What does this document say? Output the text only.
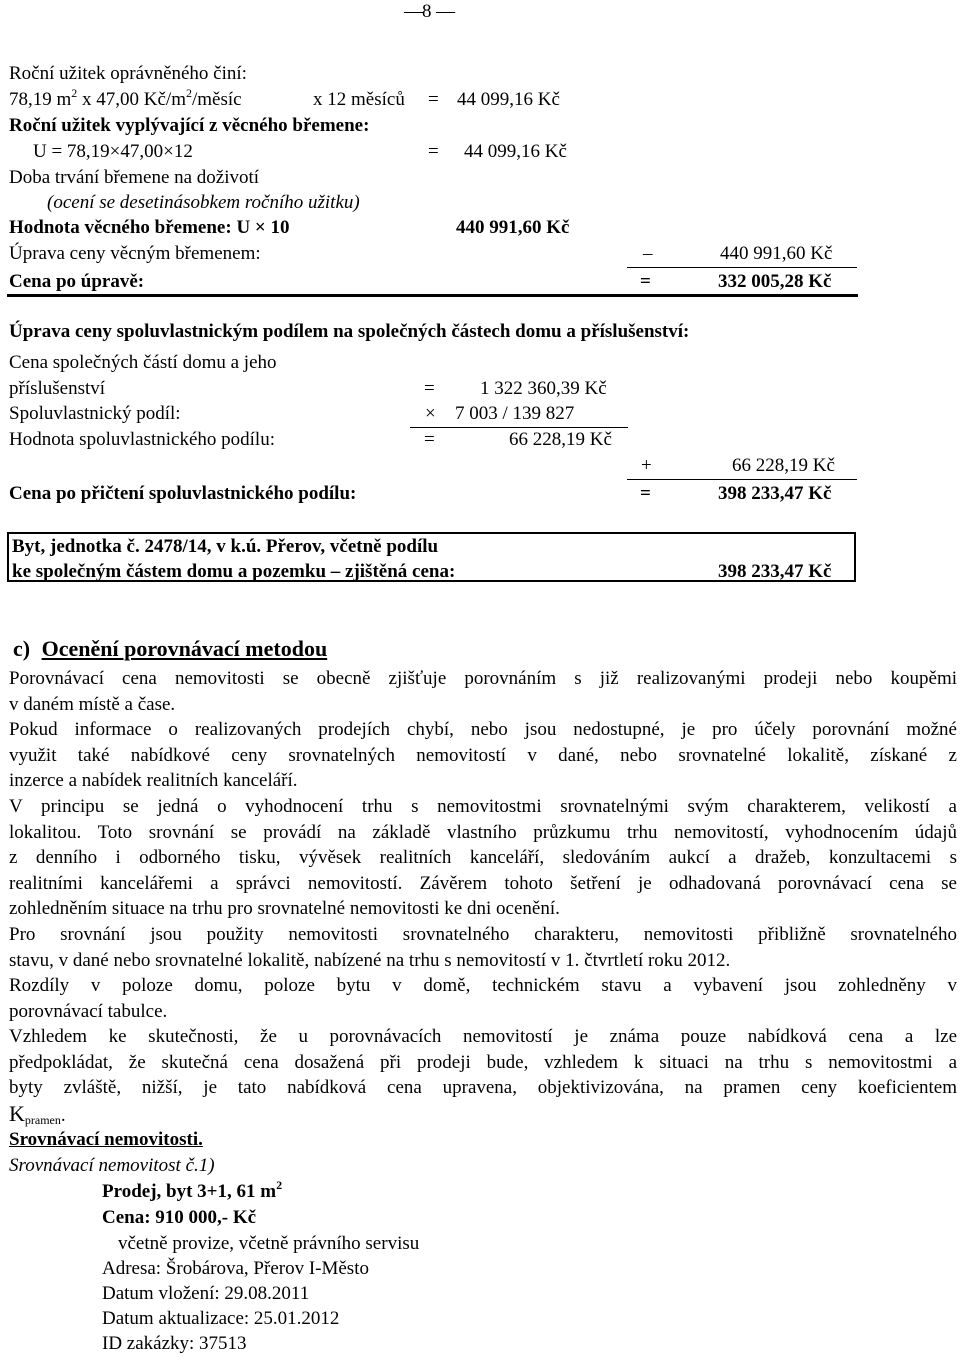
— 8 —
Roční užitek oprávněného činí:
78,19 $m^2$ x 47,00 $Kč/m^2$/měsíc	x 12 měsíců = 44 099,16 Kč
Roční užitek vyplývající z věcného břemene:
U = 78,19×47,00×12	= 44 099,16 Kč
Doba trvání břemene na doživotí
(ocení se desetinásobkem ročního užitku)
Hodnota věcného břemene: U × 10	440 991,60 Kč
Úprava ceny věcným břemenem:	–	440 991,60 Kč
Cena po úpravě:	=	332 005,28 Kč
Úprava ceny spoluvlastnickým podílem na společných částech domu a příslušenství:
Cena společných částí domu a jeho
příslušenství	= 1 322 360,39 Kč
Spoluvlastnický podíl:	× 7 003 / 139 827
Hodnota spoluvlastnického podílu:	=	66 228,19 Kč
+	66 228,19 Kč
Cena po přičtení spoluvlastnického podílu:	=	398 233,47 Kč
Byt, jednotka č. 2478/14, v k.ú. Přerov, včetně podílu
ke společným částem domu a pozemku – zjištěná cena:	398 233,47 Kč
c) Ocenění porovnávací metodou
Porovnávací cena nemovitosti se obecně zjišťuje porovnáním s již realizovanými prodeji nebo koupěmi
v daném místě a čase.
Pokud informace o realizovaných prodejích chybí, nebo jsou nedostupné, je pro účely porovnání možné
využit také nabídkové ceny srovnatelných nemovitostí v dané, nebo srovnatelné lokalitě, získané z
inzerce a nabídek realitních kanceláří.
V principu se jedná o vyhodnocení trhu s nemovitostmi srovnatelnými svým charakterem, velikostí a
lokalitou. Toto srovnání se provádí na základě vlastního průzkumu trhu nemovitostí, vyhodnocením údajů
z denního i odborného tisku, vývěsek realitních kanceláří, sledováním aukcí a dražeb, konzultacemi s
realitními kancelářemi a správci nemovitostí. Závěrem tohoto šetření je odhadovaná porovnávací cena se
zohledněním situace na trhu pro srovnatelné nemovitosti ke dni ocenění.
Pro srovnání jsou použity nemovitosti srovnatelného charakteru, nemovitosti přibližně srovnatelného
stavu, v dané nebo srovnatelné lokalitě, nabízené na trhu s nemovitostí v 1. čtvrtletí roku 2012.
Rozdíly v poloze domu, poloze bytu v domě, technickém stavu a vybavení jsou zohledněny v
porovnávací tabulce.
Vzhledem ke skutečnosti, že u porovnávacích nemovitostí je známa pouze nabídková cena a lze
předpokládat, že skutečná cena dosažená při prodeji bude, vzhledem k situaci na trhu s nemovitostmi a
byty zvláště, nižší, je tato nabídková cena upravena, objektivizována, na pramen ceny koeficientem
$K_{pramen}$.
Srovnávací nemovitosti.
Srovnávací nemovitost č.1)
Prodej, byt 3+1, 61 $m^2$
Cena: 910 000,- Kč
včetně provize, včetně právního servisu
Adresa: Šrobárova, Přerov I-Město
Datum vložení: 29.08.2011
Datum aktualizace: 25.01.2012
ID zakázky: 37513
